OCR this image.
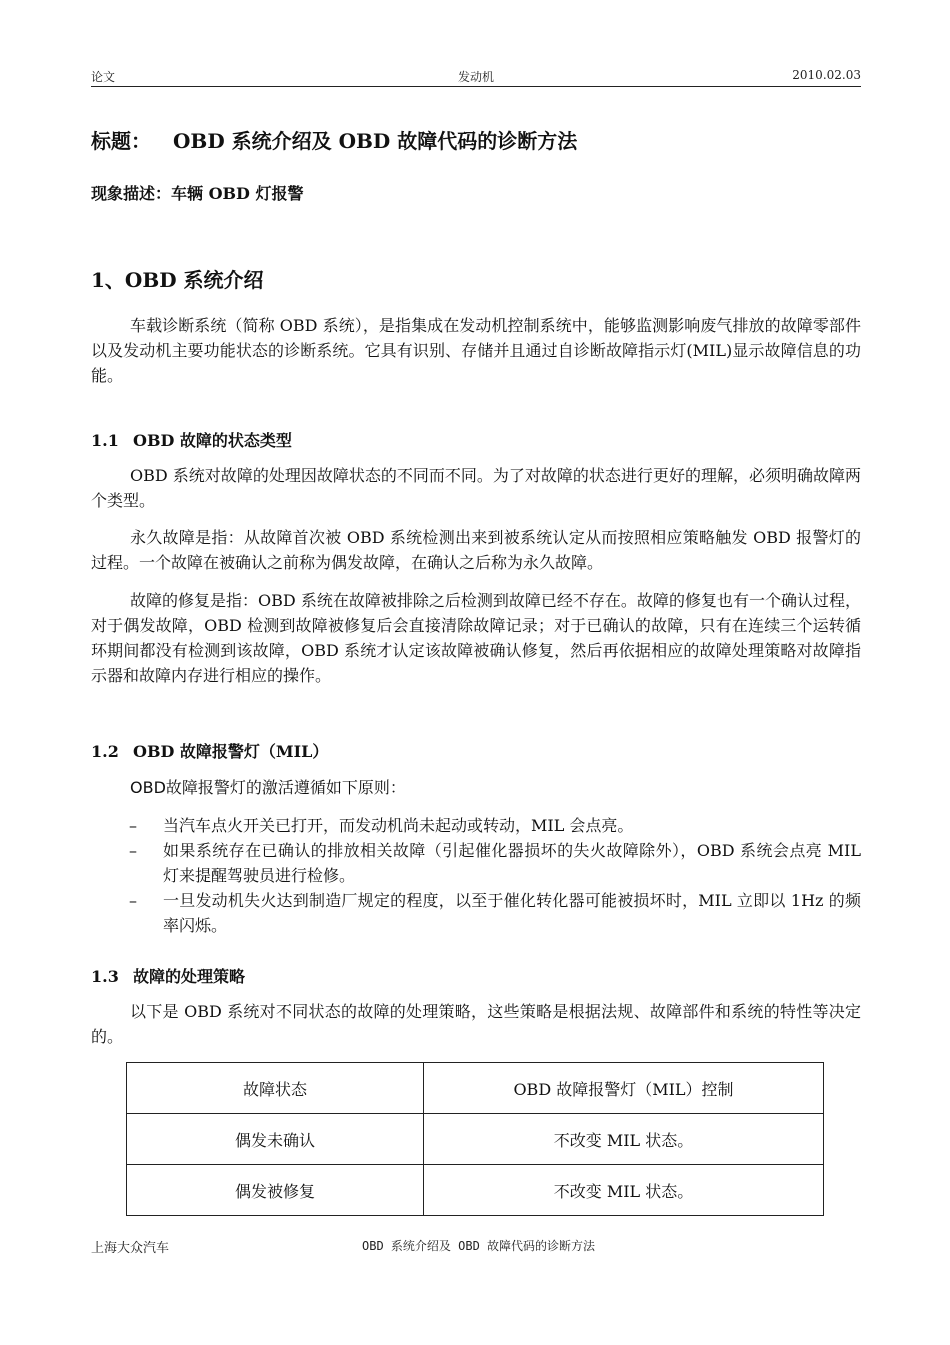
论文	发动机	2010.02.03
标题： OBD 系统介绍及 OBD 故障代码的诊断方法
现象描述：车辆 OBD 灯报警
1、OBD 系统介绍
车载诊断系统（简称 OBD 系统），是指集成在发动机控制系统中，能够监测影响废气排放的故障零部件以及发动机主要功能状态的诊断系统。它具有识别、存储并且通过自诊断故障指示灯(MIL)显示故障信息的功能。
1.1 OBD 故障的状态类型
OBD 系统对故障的处理因故障状态的不同而不同。为了对故障的状态进行更好的理解，必须明确故障两个类型。
永久故障是指：从故障首次被 OBD 系统检测出来到被系统认定从而按照相应策略触发 OBD 报警灯的过程。一个故障在被确认之前称为偶发故障，在确认之后称为永久故障。
故障的修复是指：OBD 系统在故障被排除之后检测到故障已经不存在。故障的修复也有一个确认过程，对于偶发故障，OBD 检测到故障被修复后会直接清除故障记录；对于已确认的故障，只有在连续三个运转循环期间都没有检测到该故障，OBD 系统才认定该故障被确认修复，然后再依据相应的故障处理策略对故障指示器和故障内存进行相应的操作。
1.2 OBD 故障报警灯（MIL）
OBD故障报警灯的激活遵循如下原则：
– 当汽车点火开关已打开，而发动机尚未起动或转动，MIL 会点亮。
– 如果系统存在已确认的排放相关故障（引起催化器损坏的失火故障除外），OBD 系统会点亮 MIL 灯来提醒驾驶员进行检修。
– 一旦发动机失火达到制造厂规定的程度，以至于催化转化器可能被损坏时，MIL 立即以 1Hz 的频率闪烁。
1.3 故障的处理策略
以下是 OBD 系统对不同状态的故障的处理策略，这些策略是根据法规、故障部件和系统的特性等决定的。
故障状态	OBD 故障报警灯（MIL）控制
偶发未确认	不改变 MIL 状态。
偶发被修复	不改变 MIL 状态。
上海大众汽车	OBD 系统介绍及 OBD 故障代码的诊断方法
